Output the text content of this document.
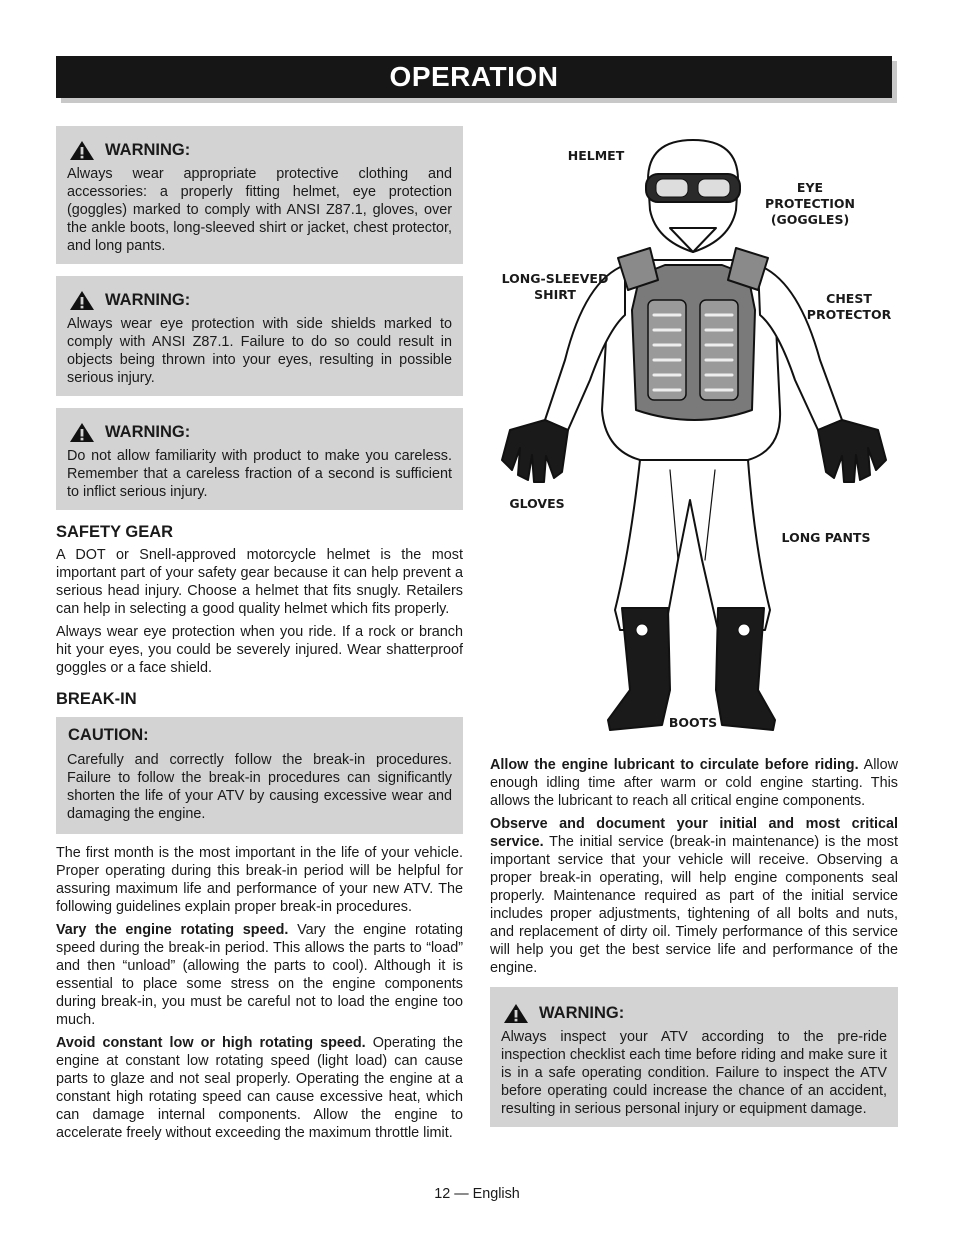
OPERATION
WARNING:

Always wear appropriate protective clothing and accessories: a properly fitting helmet, eye protection (goggles) marked to comply with ANSI Z87.1, gloves, over the ankle boots, long-sleeved shirt or jacket, chest protector, and long pants.

WARNING:

Always wear eye protection with side shields marked to comply with ANSI Z87.1. Failure to do so could result in objects being thrown into your eyes, resulting in possible serious injury.

WARNING:

Do not allow familiarity with product to make you careless. Remember that a careless fraction of a second is sufficient to inflict serious injury.

SAFETY GEAR

A DOT or Snell-approved motorcycle helmet is the most important part of your safety gear because it can help prevent a serious head injury. Choose a helmet that fits snugly. Retailers can help in selecting a good quality helmet which fits properly.

Always wear eye protection when you ride. If a rock or branch hit your eyes, you could be severely injured. Wear shatterproof goggles or a face shield.

BREAK-IN
CAUTION:

Carefully and correctly follow the break-in procedures. Failure to follow the break-in procedures can significantly shorten the life of your ATV by causing excessive wear and damaging the engine.

The first month is the most important in the life of your vehicle. Proper operating during this break-in period will be helpful for assuring maximum life and performance of your new ATV. The following guidelines explain proper break-in procedures.

Vary the engine rotating speed. Vary the engine rotating speed during the break-in period. This allows the parts to “load” and then “unload” (allowing the parts to cool). Although it is essential to place some stress on the engine components during break-in, you must be careful not to load the engine too much.

Avoid constant low or high rotating speed. Operating the engine at constant low rotating speed (light load) can cause parts to glaze and not seal properly. Operating the engine at a constant high rotating speed can cause excessive heat, which can damage internal components. Allow the engine to accelerate freely without exceeding the maximum throttle limit.

HELMET
EYE
PROTECTION
(GOGGLES)
LONG-SLEEVED
SHIRT	CHEST
PROTECTOR
GLOVES
LONG PANTS
BOOTS

Allow the engine lubricant to circulate before riding. Allow enough idling time after warm or cold engine starting. This allows the lubricant to reach all critical engine components.

Observe and document your initial and most critical service. The initial service (break-in maintenance) is the most important service that your vehicle will receive. Observing a proper break-in operating, will help engine components seal properly. Maintenance required as part of the initial service includes proper adjustments, tightening of all bolts and nuts, and replacement of dirty oil. Timely performance of this service will help you get the best service life and performance of the engine.

WARNING:

Always inspect your ATV according to the pre-ride inspection checklist each time before riding and make sure it is in a safe operating condition. Failure to inspect the ATV before operating could increase the chance of an accident, resulting in serious personal injury or equipment damage.

12 — English
